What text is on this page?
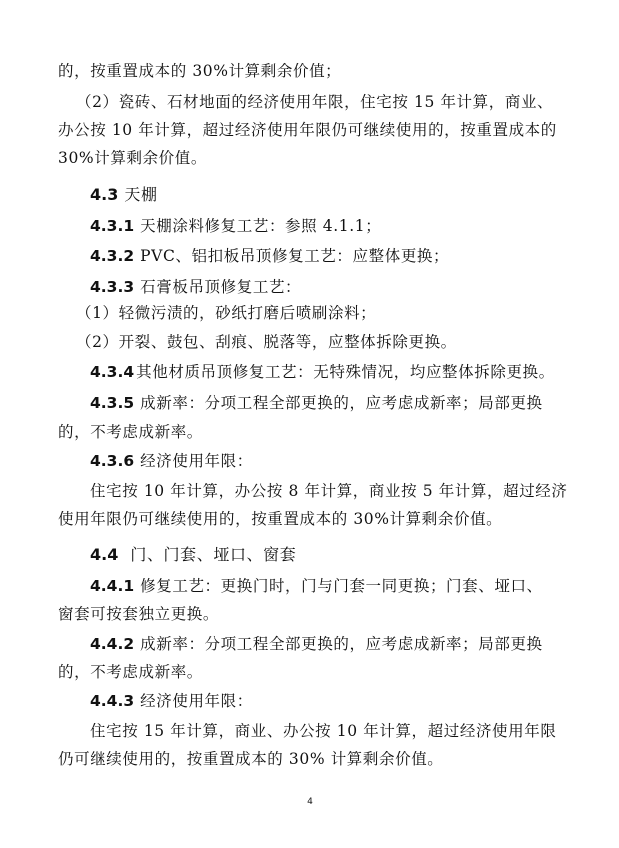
的，按重置成本的 30%计算剩余价值；
（2）瓷砖、石材地面的经济使用年限，住宅按 15 年计算，商业、
办公按 10 年计算，超过经济使用年限仍可继续使用的，按重置成本的
30%计算剩余价值。
4.3 天棚
4.3.1 天棚涂料修复工艺：参照 4.1.1；
4.3.2 PVC、铝扣板吊顶修复工艺：应整体更换；
4.3.3 石膏板吊顶修复工艺：
（1）轻微污渍的，砂纸打磨后喷刷涂料；
（2）开裂、鼓包、刮痕、脱落等，应整体拆除更换。
4.3.4 其他材质吊顶修复工艺：无特殊情况，均应整体拆除更换。
4.3.5 成新率：分项工程全部更换的，应考虑成新率；局部更换
的，不考虑成新率。
4.3.6 经济使用年限：
住宅按 10 年计算，办公按 8 年计算，商业按 5 年计算，超过经济
使用年限仍可继续使用的，按重置成本的 30%计算剩余价值。
4.4 门、门套、垭口、窗套
4.4.1 修复工艺：更换门时，门与门套一同更换；门套、垭口、
窗套可按套独立更换。
4.4.2 成新率：分项工程全部更换的，应考虑成新率；局部更换
的，不考虑成新率。
4.4.3 经济使用年限：
住宅按 15 年计算，商业、办公按 10 年计算，超过经济使用年限
仍可继续使用的，按重置成本的 30% 计算剩余价值。
4
